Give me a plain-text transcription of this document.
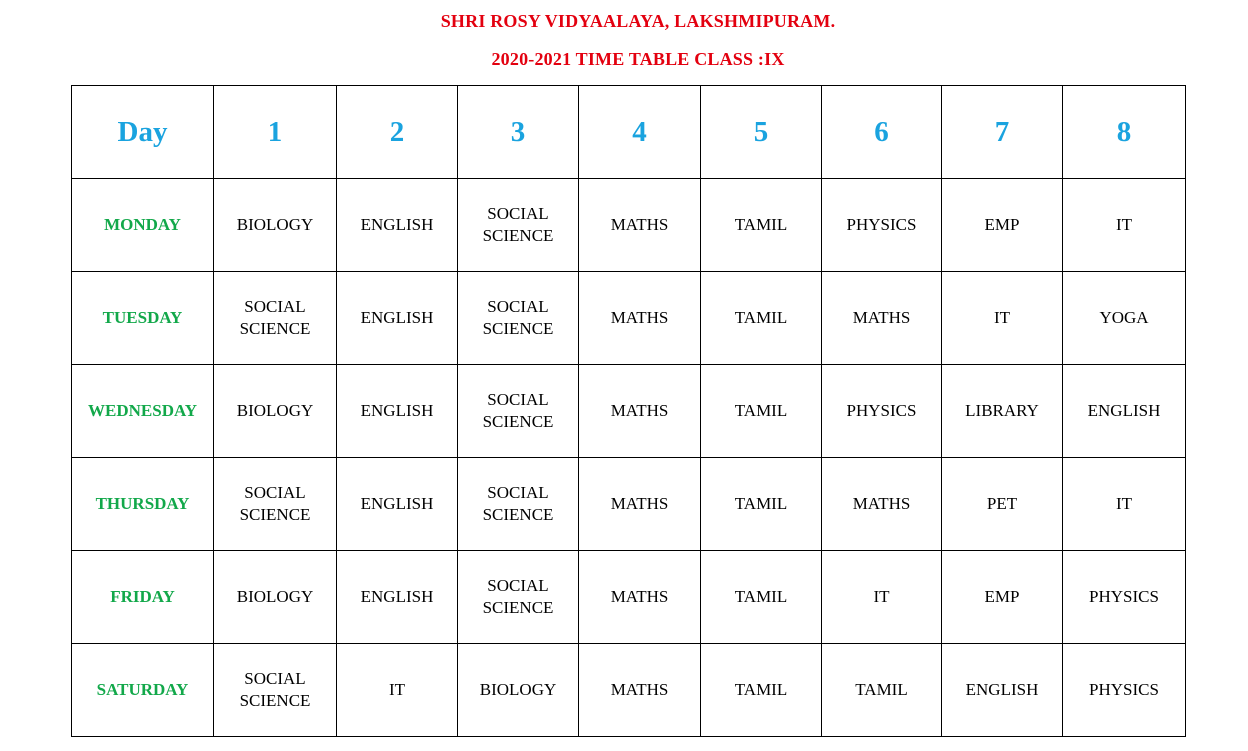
SHRI ROSY VIDYAALAYA, LAKSHMIPURAM.
2020-2021 TIME TABLE CLASS :IX
Day	1	2	3	4	5	6	7	8
MONDAY	BIOLOGY	ENGLISH	SOCIAL SCIENCE	MATHS	TAMIL	PHYSICS	EMP	IT

TUESDAY	SOCIAL SCIENCE	ENGLISH	SOCIAL SCIENCE	MATHS	TAMIL	MATHS	IT	YOGA

WEDNESDAY	BIOLOGY	ENGLISH	SOCIAL SCIENCE	MATHS	TAMIL	PHYSICS	LIBRARY	ENGLISH

THURSDAY	SOCIAL SCIENCE	ENGLISH	SOCIAL SCIENCE	MATHS	TAMIL	MATHS	PET	IT

FRIDAY	BIOLOGY	ENGLISH	SOCIAL SCIENCE	MATHS	TAMIL	IT	EMP	PHYSICS

SATURDAY	SOCIAL SCIENCE	IT	BIOLOGY	MATHS	TAMIL	TAMIL	ENGLISH	PHYSICS
